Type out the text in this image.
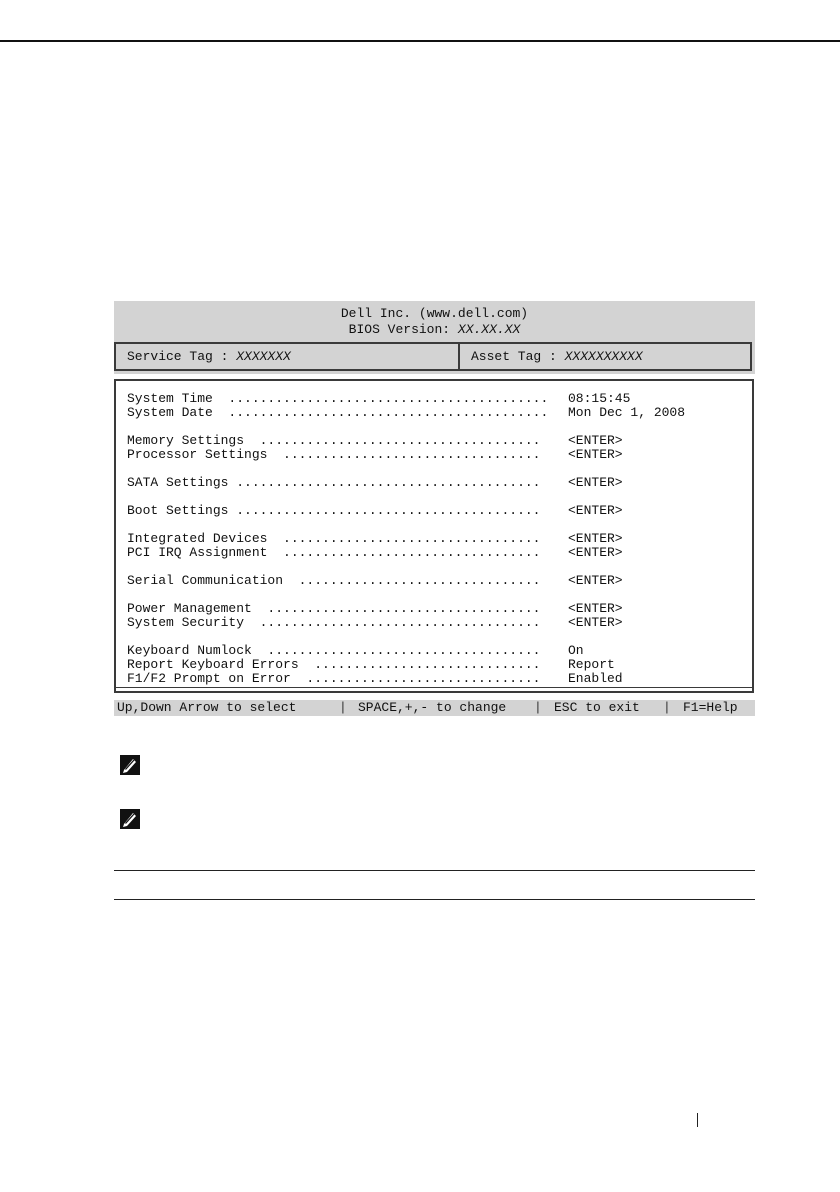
Dell Inc. (www.dell.com)
BIOS Version: XX.XX.XX
Service Tag : XXXXXXX	Asset Tag : XXXXXXXXXX
System Time  ......................................... 08:15:45
System Date  ......................................... Mon Dec 1, 2008
Memory Settings  .................................... <ENTER>
Processor Settings  ................................. <ENTER>
SATA Settings ....................................... <ENTER>
Boot Settings ....................................... <ENTER>
Integrated Devices  ................................. <ENTER>
PCI IRQ Assignment  ................................. <ENTER>
Serial Communication  ............................... <ENTER>
Power Management  ................................... <ENTER>
System Security  .................................... <ENTER>
Keyboard Numlock  ................................... On
Report Keyboard Errors  ............................. Report
F1/F2 Prompt on Error  .............................. Enabled

Up,Down Arrow to select

	|

SPACE,+,- to change

|

ESC to exit

|

F1=Help
